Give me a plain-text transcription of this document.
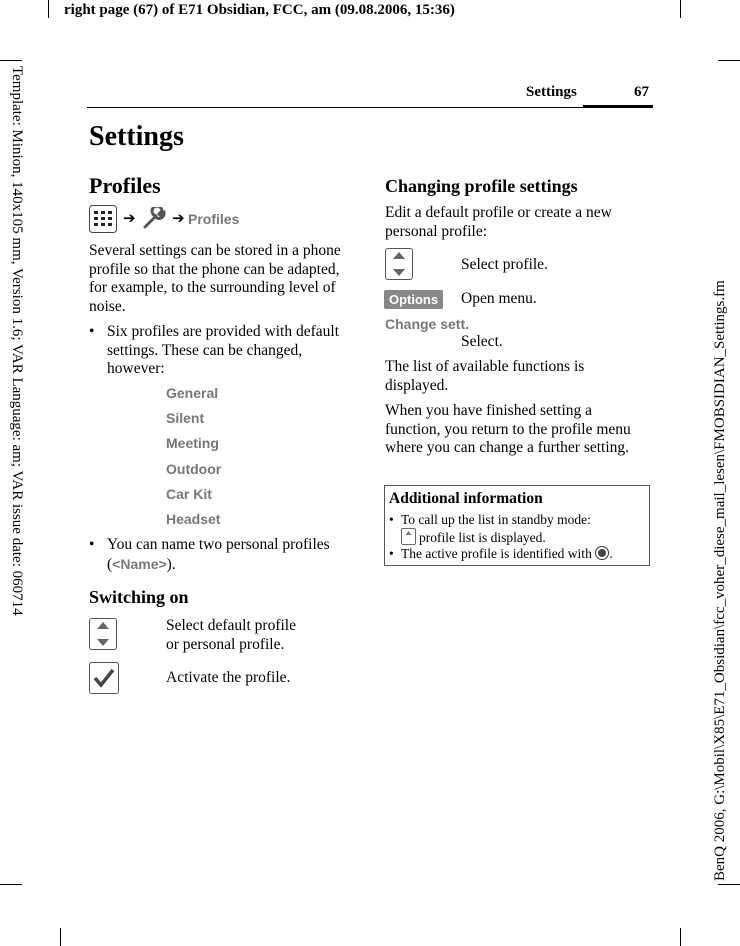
right page (67) of E71 Obsidian, FCC, am (09.08.2006, 15:36)
Template: Minion, 140x105 mm, Version 1.6; VAR Language: am; VAR issue date: 060714	BenQ 2006, G:\Mobil\X85\E71_Obsidian\fcc_voher_diese_mail_lesen\FMOBSIDIAN_Settings.fm
Settings	67
Settings
Profiles
➔ ➔ Profiles
Several settings can be stored in a phone profile so that the phone can be adapted, for example, to the surrounding level of noise.
• Six profiles are provided with default settings. These can be changed, however:
General
Silent
Meeting
Outdoor
Car Kit
Headset
• You can name two personal profiles (<Name>).
Switching on
Select default profile or personal profile.
Activate the profile.
Changing profile settings
Edit a default profile or create a new personal profile:
Select profile.
Options	Open menu.
Change sett.
Select.
The list of available functions is displayed.
When you have finished setting a function, you return to the profile menu where you can change a further setting.
Additional information
• To call up the list in standby mode:
profile list is displayed.
• The active profile is identified with .
